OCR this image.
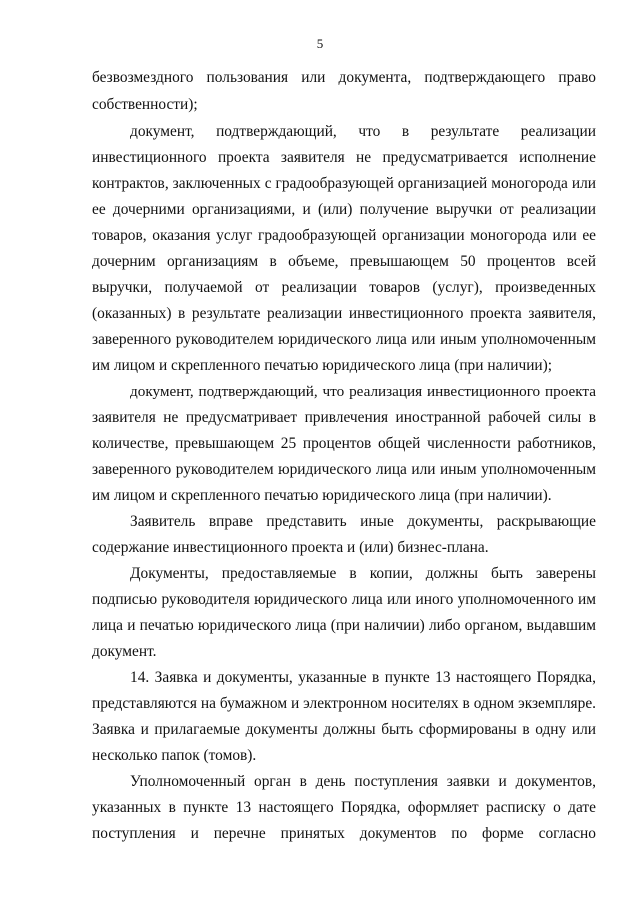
5
безвозмездного пользования или документа, подтверждающего право
собственности);
документ, подтверждающий, что в результате реализации
инвестиционного проекта заявителя не предусматривается исполнение
контрактов, заключенных с градообразующей организацией моногорода или
ее дочерними организациями, и (или) получение выручки от реализации
товаров, оказания услуг градообразующей организации моногорода или ее
дочерним организациям в объеме, превышающем 50 процентов всей
выручки, получаемой от реализации товаров (услуг), произведенных
(оказанных) в результате реализации инвестиционного проекта заявителя,
заверенного руководителем юридического лица или иным уполномоченным
им лицом и скрепленного печатью юридического лица (при наличии);
документ, подтверждающий, что реализация инвестиционного проекта
заявителя не предусматривает привлечения иностранной рабочей силы в
количестве, превышающем 25 процентов общей численности работников,
заверенного руководителем юридического лица или иным уполномоченным
им лицом и скрепленного печатью юридического лица (при наличии).
Заявитель вправе представить иные документы, раскрывающие
содержание инвестиционного проекта и (или) бизнес-плана.
Документы, предоставляемые в копии, должны быть заверены
подписью руководителя юридического лица или иного уполномоченного им
лица и печатью юридического лица (при наличии) либо органом, выдавшим
документ.
14. Заявка и документы, указанные в пункте 13 настоящего Порядка,
представляются на бумажном и электронном носителях в одном экземпляре.
Заявка и прилагаемые документы должны быть сформированы в одну или
несколько папок (томов).
Уполномоченный орган в день поступления заявки и документов,
указанных в пункте 13 настоящего Порядка, оформляет расписку о дате
поступления и перечне принятых документов по форме согласно
